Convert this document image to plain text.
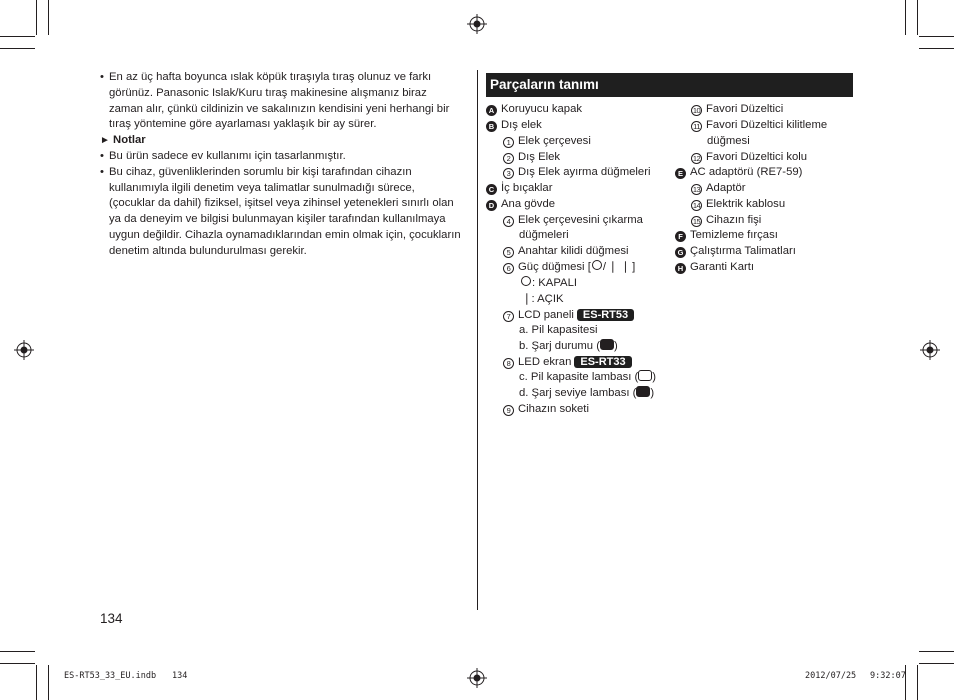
• En az üç hafta boyunca ıslak köpük tıraşıyla tıraş olunuz ve farkı görünüz. Panasonic Islak/Kuru tıraş makinesine alışmanız biraz zaman alır, çünkü cildinizin ve sakalınızın kendisini yeni herhangi bir tıraş yöntemine göre ayarlaması yaklaşık bir ay sürer.

► Notlar

• Bu ürün sadece ev kullanımı için tasarlanmıştır.

• Bu cihaz, güvenliklerinden sorumlu bir kişi tarafından cihazın kullanımıyla ilgili denetim veya talimatlar sunulmadığı sürece, (çocuklar da dahil) fiziksel, işitsel veya zihinsel yetenekleri sınırlı olan ya da deneyim ve bilgisi bulunmayan kişiler tarafından kullanılmaya uygun değildir. Cihazla oynamadıklarından emin olmak için, çocukların denetim altında bulundurulması gerekir.

Parçaların tanımı
A Koruyucu kapak
B Dış elek
1 Elek çerçevesi
2 Dış Elek
3 Dış Elek ayırma düğmeleri
C İç bıçaklar
D Ana gövde
4 Elek çerçevesini çıkarma
düğmeleri
5 Anahtar kilidi düğmesi
6 Güç düğmesi [ / ❘ ❘ ]
: KAPALI
❘: AÇIK
7 LCD paneli ES-RT53
a. Pil kapasitesi
b. Şarj durumu ( )
8 LED ekran ES-RT33
c. Pil kapasite lambası ( )
d. Şarj seviye lambası ( )
9 Cihazın soketi
10 Favori Düzeltici
11 Favori Düzeltici kilitleme
düğmesi
12 Favori Düzeltici kolu
E AC adaptörü (RE7-59)
13 Adaptör
14 Elektrik kablosu
15 Cihazın fişi
F Temizleme fırçası
G Çalıştırma Talimatları
H Garanti Kartı
134
ES-RT53_33_EU.indb 134	2012/07/25 9:32:07
